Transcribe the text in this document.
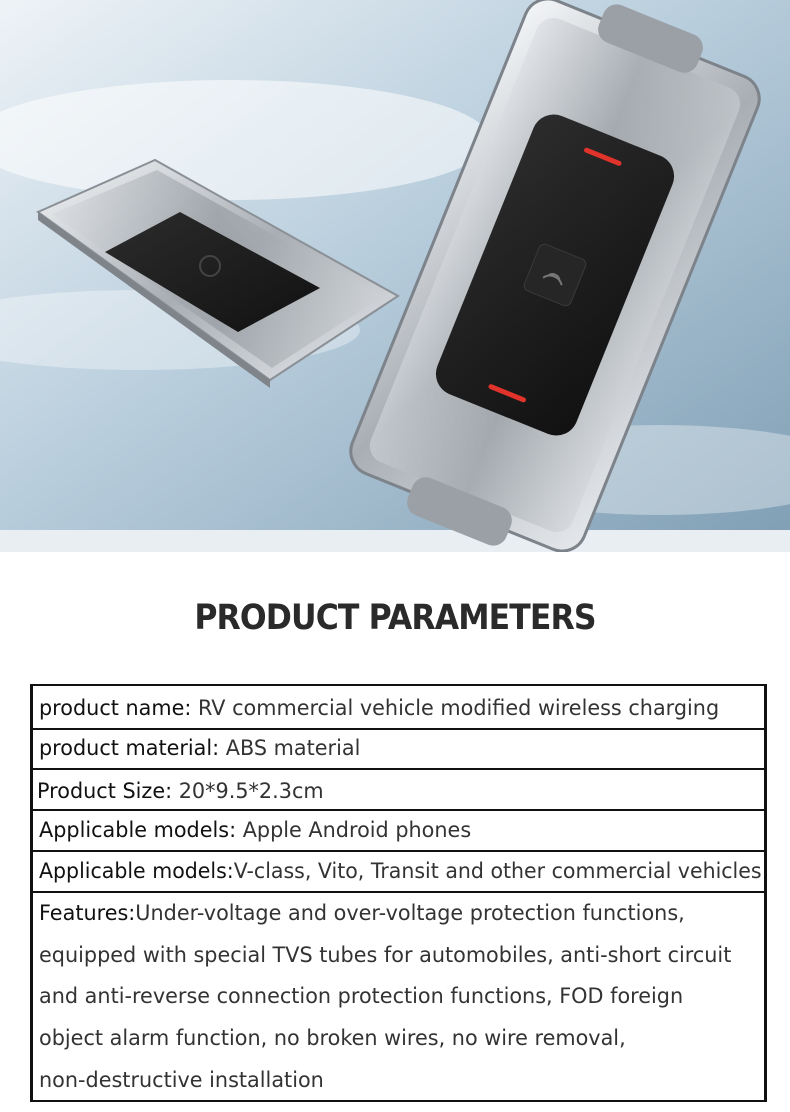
PRODUCT PARAMETERS
product name: RV commercial vehicle modified wireless charging
product material: ABS material
Product Size: 20*9.5*2.3cm
Applicable models: Apple Android phones
Applicable models:V-class, Vito, Transit and other commercial vehicles
Features:Under-voltage and over-voltage protection functions,
equipped with special TVS tubes for automobiles, anti-short circuit
and anti-reverse connection protection functions, FOD foreign
object alarm function, no broken wires, no wire removal,
non-destructive installation
